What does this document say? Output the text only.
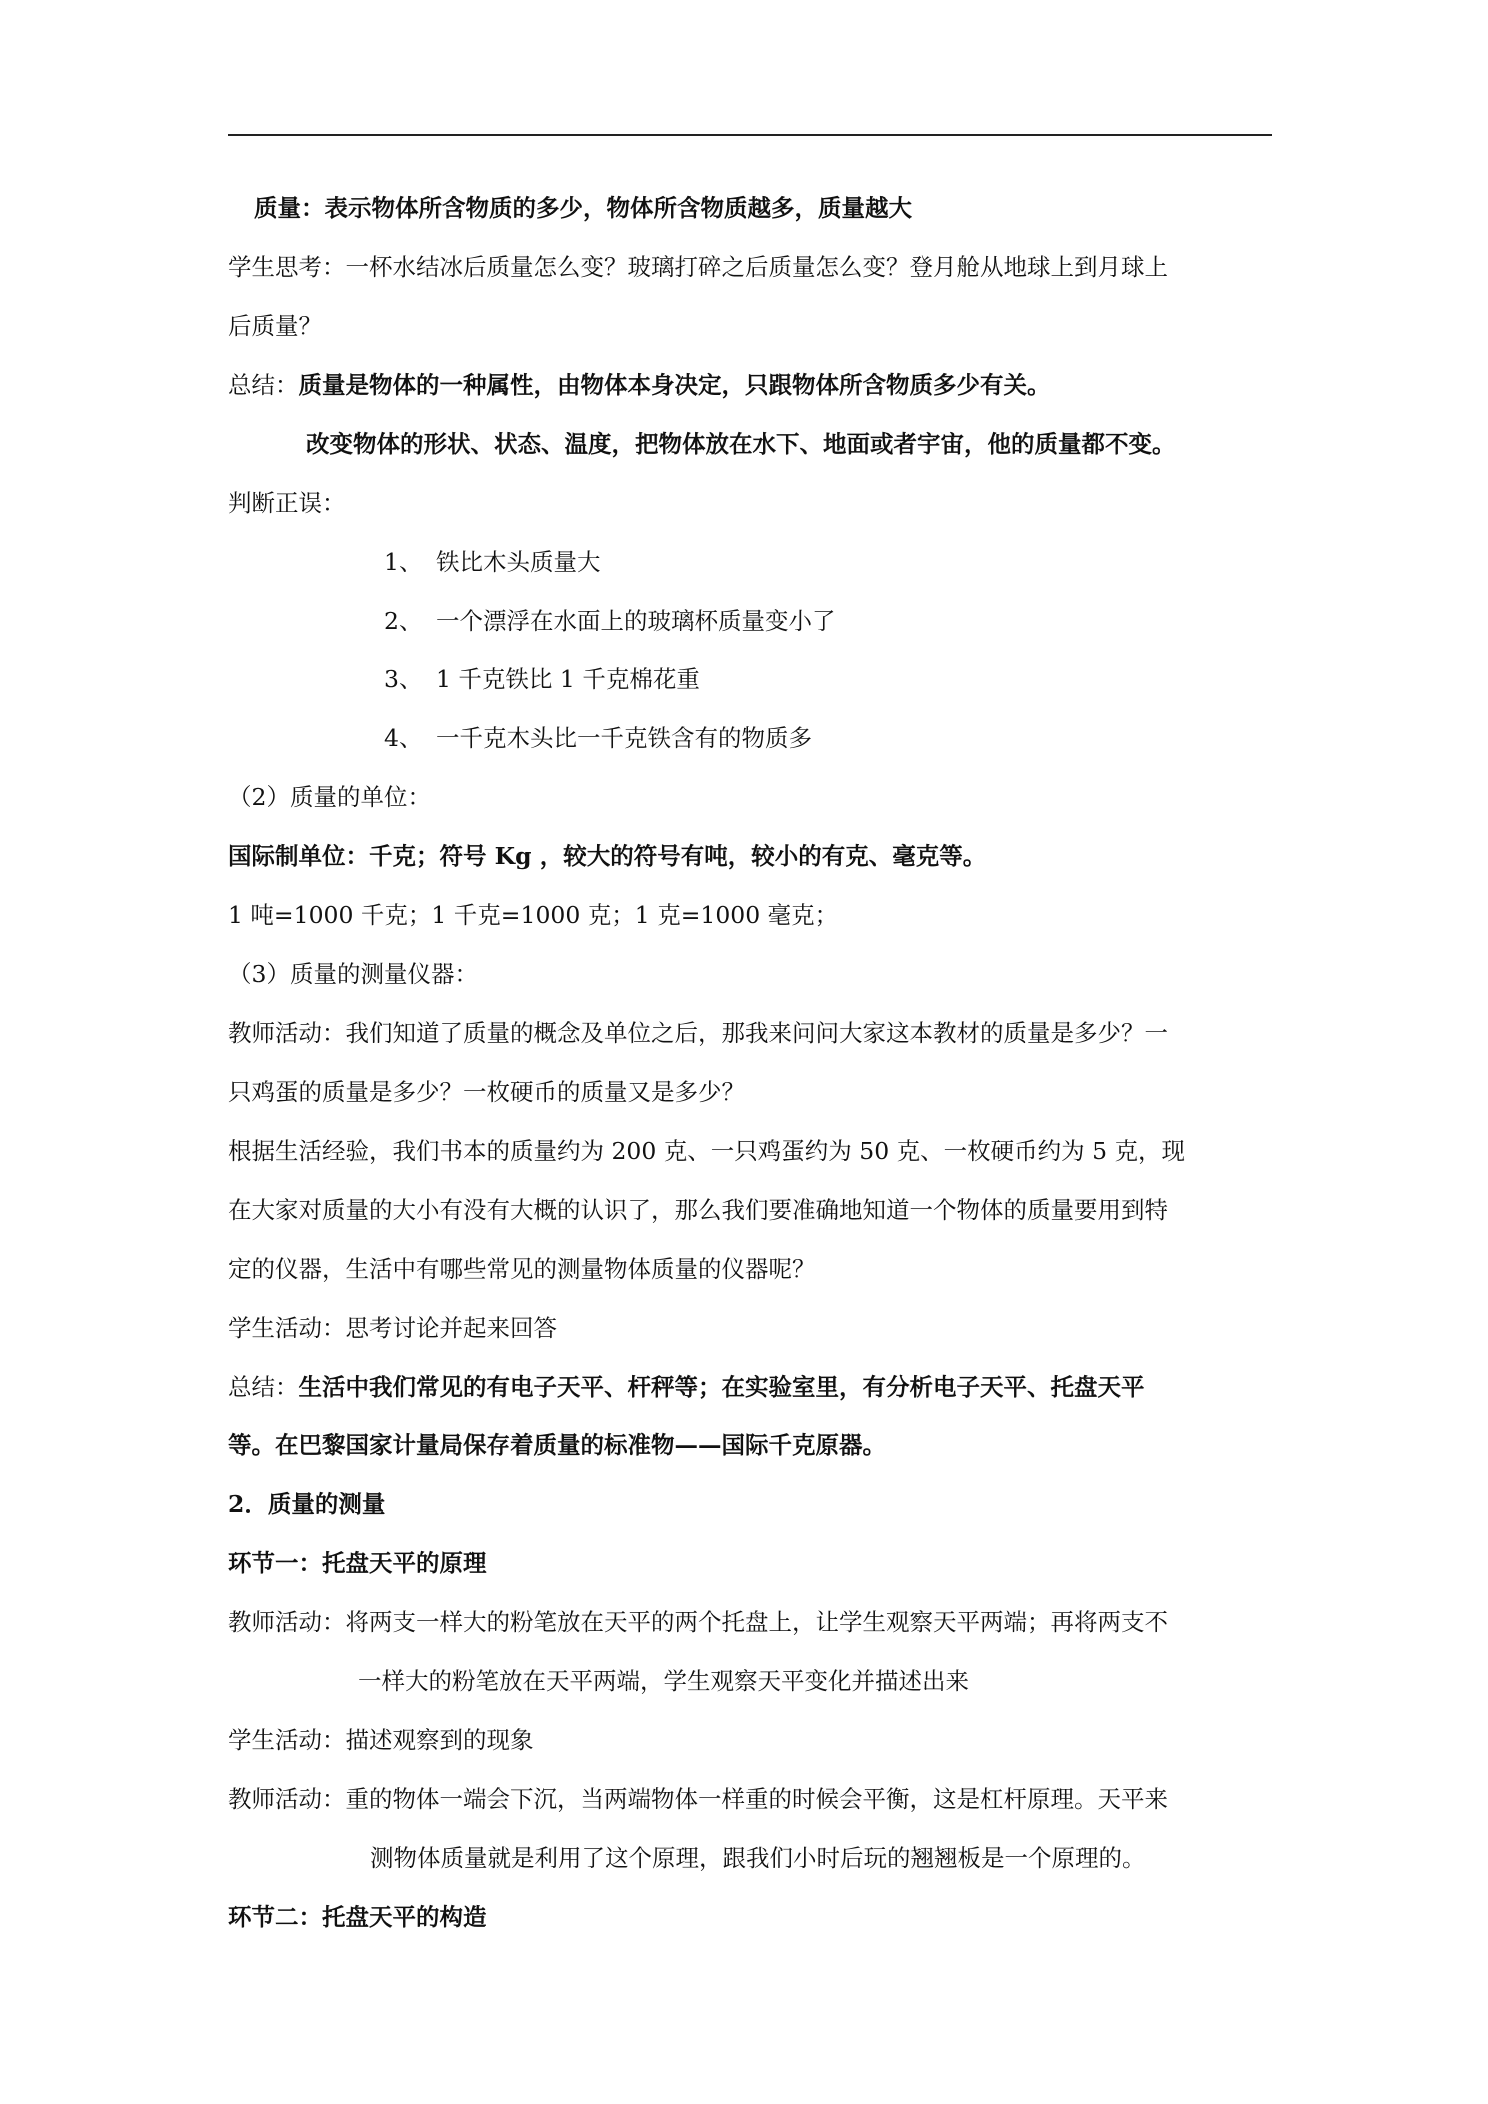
质量：表示物体所含物质的多少，物体所含物质越多，质量越大
学生思考：一杯水结冰后质量怎么变？玻璃打碎之后质量怎么变？登月舱从地球上到月球上
后质量？
总结：质量是物体的一种属性，由物体本身决定，只跟物体所含物质多少有关。
改变物体的形状、状态、温度，把物体放在水下、地面或者宇宙，他的质量都不变。
判断正误：
1、 铁比木头质量大
2、 一个漂浮在水面上的玻璃杯质量变小了
3、 1 千克铁比 1 千克棉花重
4、 一千克木头比一千克铁含有的物质多
（2）质量的单位：
国际制单位：千克；符号 Kg ，较大的符号有吨，较小的有克、毫克等。
1 吨=1000 千克；1 千克=1000 克；1 克=1000 毫克；
（3）质量的测量仪器：
教师活动：我们知道了质量的概念及单位之后，那我来问问大家这本教材的质量是多少？一
只鸡蛋的质量是多少？一枚硬币的质量又是多少？
根据生活经验，我们书本的质量约为 200 克、一只鸡蛋约为 50 克、一枚硬币约为 5 克，现
在大家对质量的大小有没有大概的认识了，那么我们要准确地知道一个物体的质量要用到特
定的仪器，生活中有哪些常见的测量物体质量的仪器呢？
学生活动：思考讨论并起来回答
总结：生活中我们常见的有电子天平、杆秤等；在实验室里，有分析电子天平、托盘天平
等。在巴黎国家计量局保存着质量的标准物——国际千克原器。
2．质量的测量
环节一：托盘天平的原理
教师活动：将两支一样大的粉笔放在天平的两个托盘上，让学生观察天平两端；再将两支不
一样大的粉笔放在天平两端，学生观察天平变化并描述出来
学生活动：描述观察到的现象
教师活动：重的物体一端会下沉，当两端物体一样重的时候会平衡，这是杠杆原理。天平来
测物体质量就是利用了这个原理，跟我们小时后玩的翘翘板是一个原理的。
环节二：托盘天平的构造
